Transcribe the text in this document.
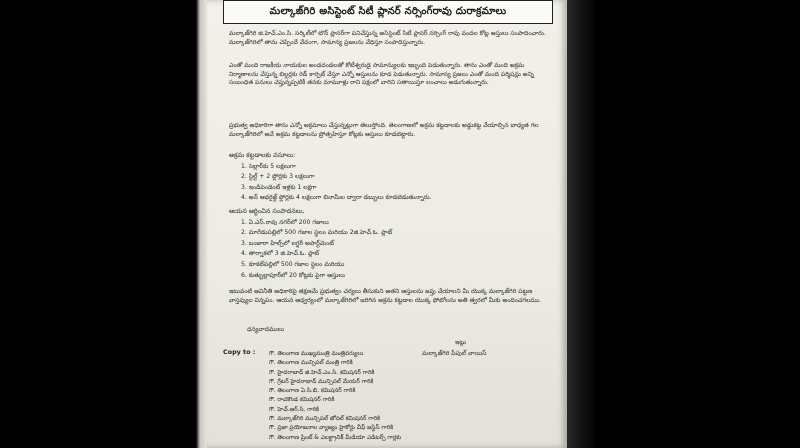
మల్కాజ్‌గిరి అసిస్టెంట్ సిటీ ప్లానర్ నర్సింగ్‌రావు దురాక్రమాలు

మల్కాజ్‌గిరి జి.హెచ్.ఎం.సి. సర్కిల్‌లో టౌన్ ప్లానర్‌గా పనిచేస్తున్న అసిస్టెంట్ సిటీ ప్లానర్ నర్సింగ్ రావు వందల కోట్ల ఆస్తులు సంపాదించారు. మల్కాజ్‌గిరిలో తాను చెప్పిందే వేదంగా, సామాన్య ప్రజలను వేధిస్తూ సంపాదిస్తున్నారు.

ఎంతో మంది రాజకీయ నాయకుల అండదండలతో కోటీశ్వరుడై సామాన్యులకు ఇబ్బంది పెడుతున్నారు. తాను ఎంతో మంది అక్రమ నిర్మాణాలను చేస్తున్న బిల్డర్లకు రెడ్ కార్పెట్ వేస్తూ ఎన్నో ఆస్తులను కూడ పెడుతున్నారు. సామాన్య ప్రజలు ఎంతో మంది పర్మిషన్లు అన్ని సంబంధిత పనులు చెప్తున్నప్పటికీ తనకు మామూళ్లు రాని పక్షంలో వారిని సతాయిస్తూ లంచాలు అడుగుతున్నారు.

ప్రభుత్వ అధికారిగా తాను ఎన్నో అక్రమాలు చేస్తున్నట్లుగా తెలుస్తోంది. తెలంగాణలో అక్రమ కట్టడాలకు అడ్డుకట్ట వేయాల్సిన బాధ్యత గల మల్కాజ్‌గిరిలో అవే అక్రమ కట్టడాలను ప్రోత్సహిస్తూ కోట్లకు ఆస్తులు కూడబెట్టారు.

అక్రమ కట్టడాలకు వసూలు:
1. సెల్లార్‌కు 5 లక్షలుగా
2. స్టిల్ట్ + 2 ఫ్లోర్లకు 3 లక్షలుగా
3. ఇండిపెండెంట్ ఇళ్లకు 1 లక్షగా
4. అన్ ఆథరైజ్డ్ ఫ్లోర్లకు 4 లక్షలుగా బినామీల ద్వారా డబ్బులు కూడబెడుతున్నారు.
ఆయన ఆర్జించిన సంపాదనలు,
1. ఏ.ఎస్.రావు నగర్‌లో 200 గజాలు
2. మారేడుపల్లిలో 500 గజాల స్థలం మరియు 2జి.హెచ్.ఓ. ప్లాట్
3. బంజారా హిల్స్‌లో లగ్జరీ అపార్ట్‌మెంట్
4. తార్నాకలో 3 జి.హెచ్.ఓ. ప్లాట్
5. కూకట్‌పల్లిలో 500 గజాల స్థలం మరియు
6. కుత్బుల్లాపూర్‌లో 20 కోట్లకు పైగా ఆస్తులు

ఇటువంటి అవినీతి అధికారిపై తక్షణమే ప్రభుత్వం చర్యలు తీసుకుని అతని ఆస్తులను జప్తు చేయాలని మీ యొక్క మల్కాజ్‌గిరి పట్టణ వాస్తవ్యుల విన్నపం. ఆయన ఆధ్వర్యంలో మల్కాజ్‌గిరిలో జరిగిన అక్రమ కట్టడాల యొక్క ఫోటోలను అతి త్వరలో మీకు అందించగలము.

ధన్యవాదములు
ఇట్లు
మల్కాజ్‌గిరి పీపుల్ వాయిస్
Copy to : గౌ. తెలంగాణ ముఖ్యమంత్రి మంత్రివర్యులు
గౌ. తెలంగాణ మున్సిపల్ మంత్రి గారికి
గౌ. హైదరాబాద్ జి.హెచ్.ఎం.సి. కమిషనర్ గారికి
గౌ. గ్రేటర్ హైదరాబాద్ మున్సిపల్ మేయర్ గారికి
గౌ. తెలంగాణ ఏ.సి.బి. కమిషనర్ గారికి
గౌ. రాచకొండ కమిషనర్ గారికి
గౌ. హెచ్.ఆర్.సి. గారికి
గౌ. మల్కాజ్‌గిరి మున్సిపల్ జోనల్ కమిషనర్ గారికి
గౌ. ప్రజా ప్రయోజనాల వ్యాజ్యం హైకోర్టు చీఫ్ జస్టిస్ గారికి
గౌ. తెలంగాణ ప్రింట్ & ఎలక్ట్రానిక్ మీడియా ఎడిటర్స్ గార్లకు
